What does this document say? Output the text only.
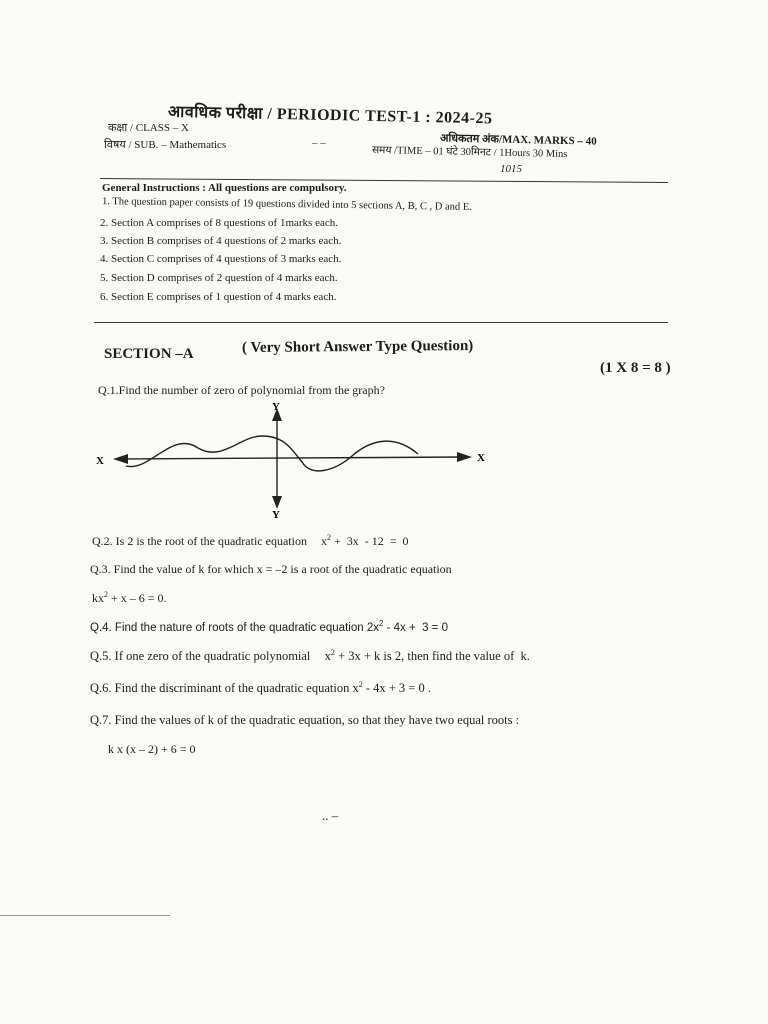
आवधिक परीक्षा / PERIODIC TEST-1 : 2024-25
कक्षा / CLASS – X
अधिकतम अंक/MAX. MARKS – 40
विषय / SUB. – Mathematics	– –
समय /TIME – 01 घंटे 30मिनट / 1Hours 30 Mins
1015
General Instructions : All questions are compulsory.
1. The question paper consists of 19 questions divided into 5 sections A, B, C , D and E.
2. Section A comprises of 8 questions of 1marks each.
3. Section B comprises of 4 questions of 2 marks each.
4. Section C comprises of 4 questions of 3 marks each.
5. Section D comprises of 2 question of 4 marks each.
6. Section E comprises of 1 question of 4 marks each.
SECTION –A	( Very Short Answer Type Question)
(1 X 8 = 8 )
Q.1.Find the number of zero of polynomial from the graph?
Y
Y
X	X
Q.2. Is 2 is the root of the quadratic equation $x^2 + 3x - 12 = 0$
Q.3. Find the value of k for which x = –2 is a root of the quadratic equation
$kx^2 + x - 6 = 0$.
Q.4. Find the nature of roots of the quadratic equation $2x^2 - 4x + 3 = 0$
Q.5. If one zero of the quadratic polynomial $x^2 + 3x + k$ is 2, then find the value of  k.
Q.6. Find the discriminant of the quadratic equation $x^2 - 4x + 3 = 0$ .
Q.7. Find the values of k of the quadratic equation, so that they have two equal roots :
k x (x – 2) + 6 = 0
.. –
